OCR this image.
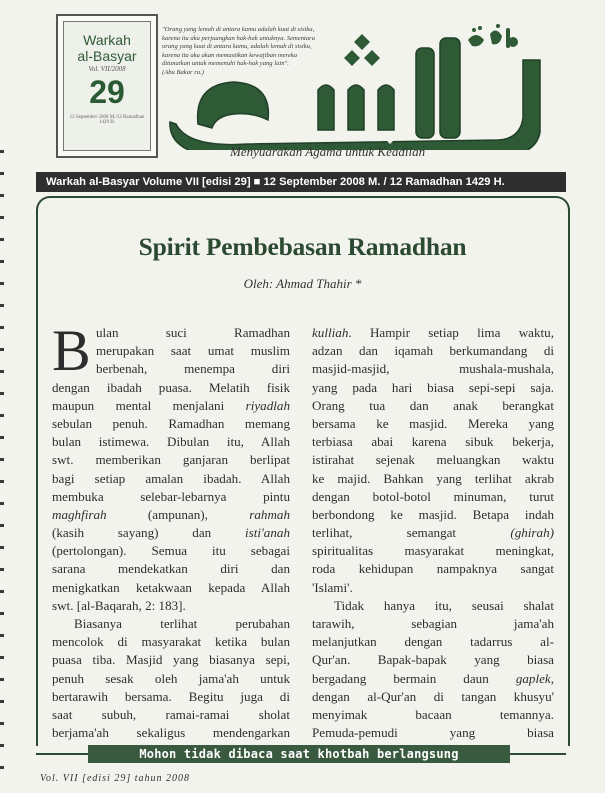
Warkah
al-Basyar
Vol. VII/2008
29
12 September 2008 M./12 Ramadhan 1429 H.
"Orang yang lemah di antara kamu adalah kuat di sisiku,
karena itu aku perjuangkan hak-hak untuknya. Sementara
orang yang kuat di antara kamu, adalah lemah di sisiku,
karena itu aku akan memastikan kewajiban mereka
ditunaikan untuk memenuhi hak-hak yang lain".
(Abu Bakar ra.)
Menyuarakan Agama untuk Keadilan
Warkah al-Basyar Volume VII [edisi 29] ■ 12 September 2008 M. / 12 Ramadhan 1429 H.
Spirit Pembebasan Ramadhan
Oleh: Ahmad Thahir *
B ulan suci Ramadhan
merupakan saat umat muslim
berbenah, menempa diri
dengan ibadah puasa. Melatih fisik
maupun mental menjalani riyadlah
sebulan penuh. Ramadhan memang
bulan istimewa. Dibulan itu, Allah
swt. memberikan ganjaran berlipat
bagi setiap amalan ibadah. Allah
membuka selebar-lebarnya pintu
maghfirah (ampunan), rahmah
(kasih sayang) dan isti'anah
(pertolongan). Semua itu sebagai
sarana mendekatkan diri dan
menigkatkan ketakwaan kepada Allah
swt. [al-Baqarah, 2: 183].
Biasanya terlihat perubahan
mencolok di masyarakat ketika bulan
puasa tiba. Masjid yang biasanya sepi,
penuh sesak oleh jama'ah untuk
bertarawih bersama. Begitu juga di
saat subuh, ramai-ramai sholat
berjama'ah sekaligus mendengarkan
kulliah. Hampir setiap lima waktu,
adzan dan iqamah berkumandang di
masjid-masjid, mushala-mushala,
yang pada hari biasa sepi-sepi saja.
Orang tua dan anak berangkat
bersama ke masjid. Mereka yang
terbiasa abai karena sibuk bekerja,
istirahat sejenak meluangkan waktu
ke majid. Bahkan yang terlihat akrab
dengan botol-botol minuman, turut
berbondong ke masjid. Betapa indah
terlihat, semangat (ghirah)
spiritualitas masyarakat meningkat,
roda kehidupan nampaknya sangat
'Islami'.
Tidak hanya itu, seusai shalat
tarawih, sebagian jama'ah
melanjutkan dengan tadarrus al-
Qur'an. Bapak-bapak yang biasa
bergadang bermain daun gaplek,
dengan al-Qur'an di tangan khusyu'
menyimak bacaan temannya.
Pemuda-pemudi yang biasa
Mohon tidak dibaca saat khotbah berlangsung
Vol. VII [edisi 29] tahun 2008
